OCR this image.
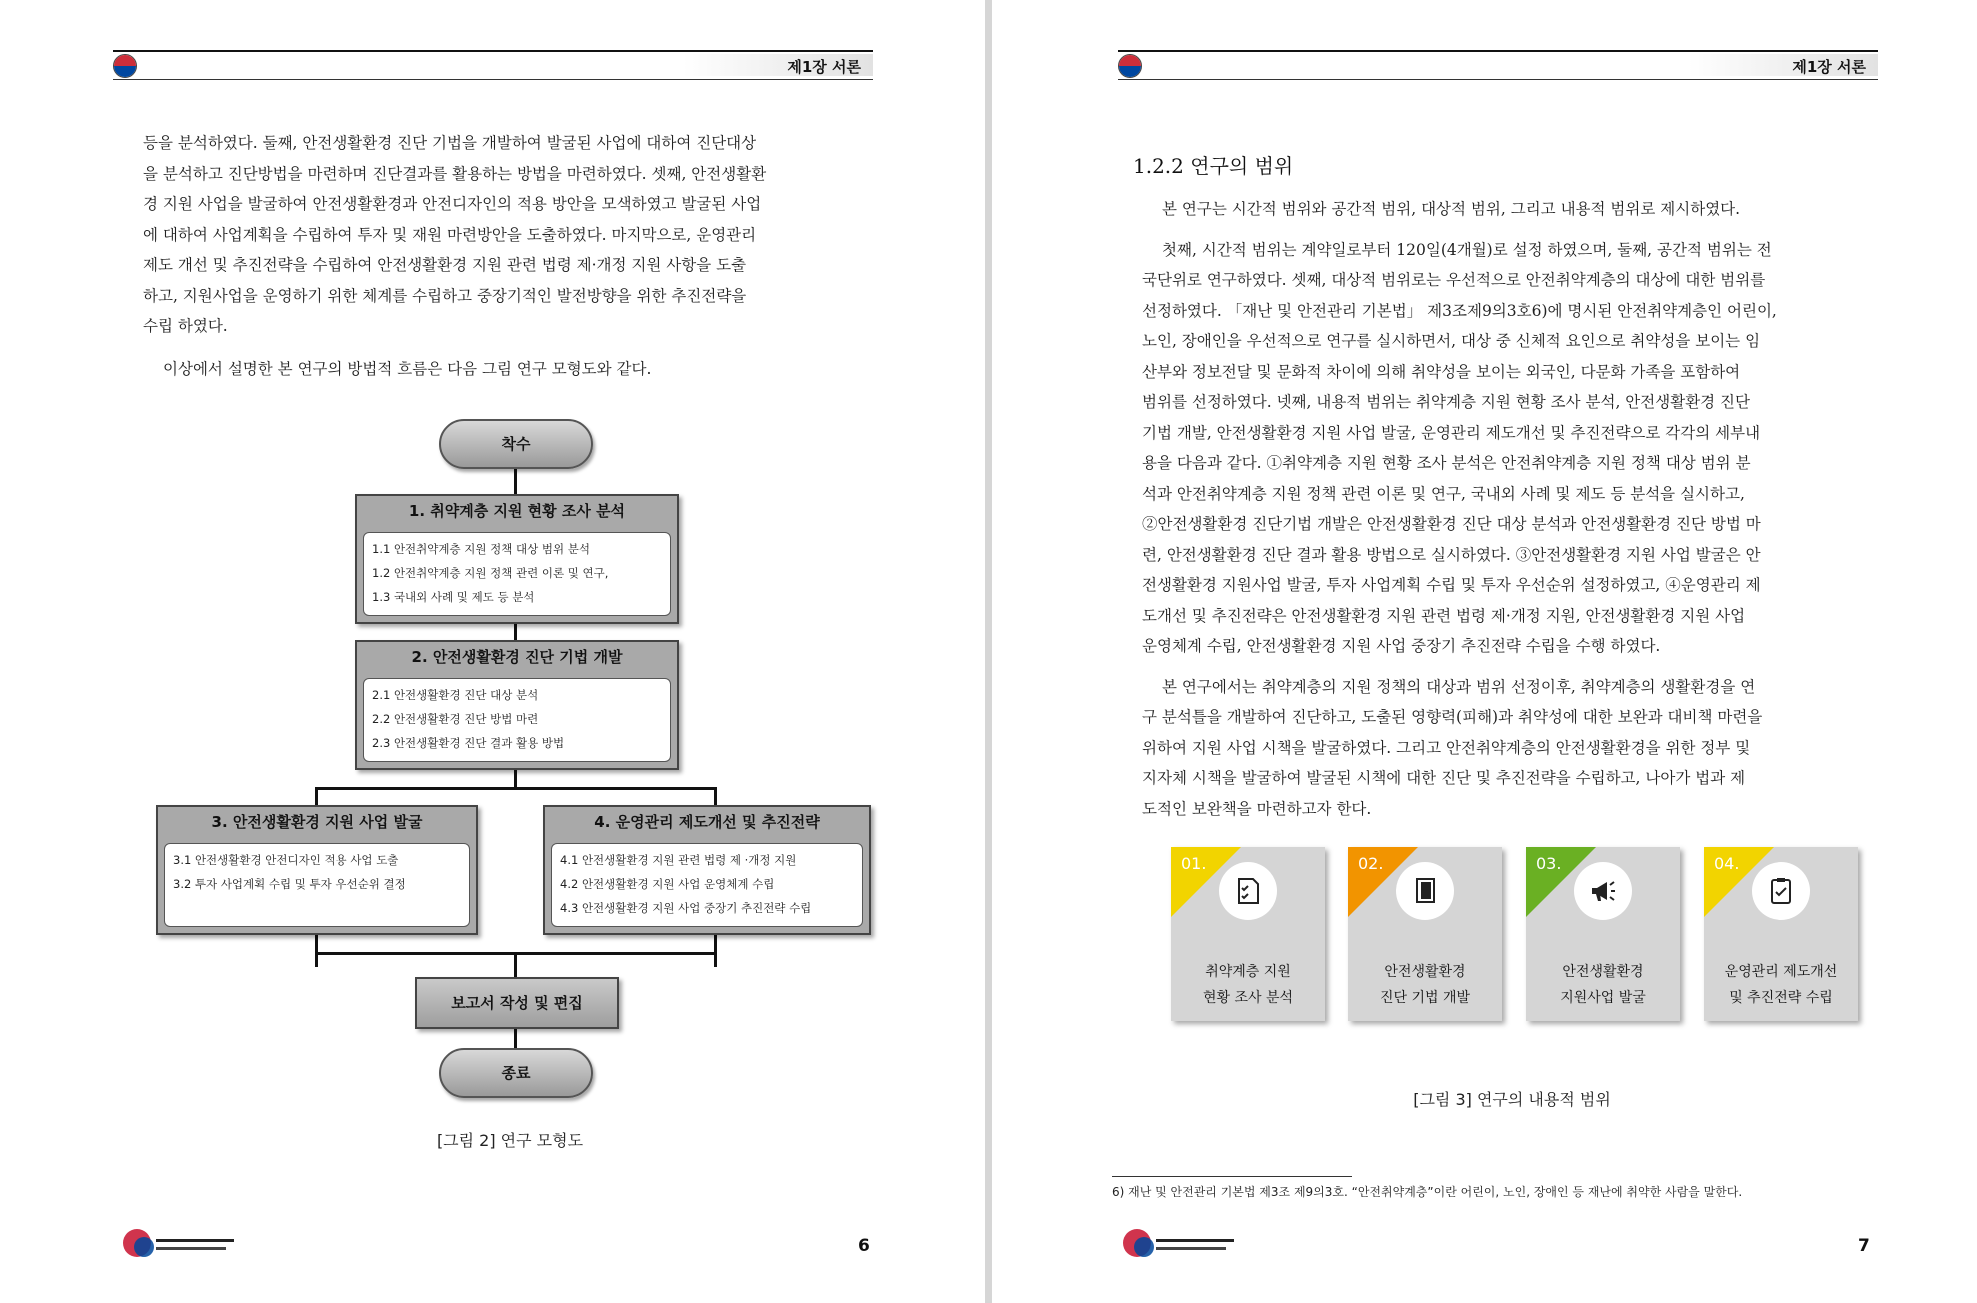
제1장 서론

등을 분석하였다. 둘째, 안전생활환경 진단 기법을 개발하여 발굴된 사업에 대하여 진단대상
을 분석하고 진단방법을 마련하며 진단결과를 활용하는 방법을 마련하였다. 셋째, 안전생활환
경 지원 사업을 발굴하여 안전생활환경과 안전디자인의 적용 방안을 모색하였고 발굴된 사업
에 대하여 사업계획을 수립하여 투자 및 재원 마련방안을 도출하였다. 마지막으로, 운영관리
제도 개선 및 추진전략을 수립하여 안전생활환경 지원 관련 법령 제·개정 지원 사항을 도출
하고, 지원사업을 운영하기 위한 체계를 수립하고 중장기적인 발전방향을 위한 추진전략을
수립 하였다.

이상에서 설명한 본 연구의 방법적 흐름은 다음 그림 연구 모형도와 같다.

착수
1. 취약계층 지원 현황 조사 분석
1.1 안전취약계층 지원 정책 대상 범위 분석
1.2 안전취약계층 지원 정책 관련 이론 및 연구,
1.3 국내외 사례 및 제도 등 분석
2. 안전생활환경 진단 기법 개발
2.1 안전생활환경 진단 대상 분석
2.2 안전생활환경 진단 방법 마련
2.3 안전생활환경 진단 결과 활용 방법
3. 안전생활환경 지원 사업 발굴
3.1 안전생활환경 안전디자인 적용 사업 도출
3.2 투자 사업계획 수립 및 투자 우선순위 결정
4. 운영관리 제도개선 및 추진전략
4.1 안전생활환경 지원 관련 법령 제 ·개정 지원
4.2 안전생활환경 지원 사업 운영체계 수립
4.3 안전생활환경 지원 사업 중장기 추진전략 수립
보고서 작성 및 편집
종료
[그림 2] 연구 모형도
6
제1장 서론
1.2.2 연구의 범위

본 연구는 시간적 범위와 공간적 범위, 대상적 범위, 그리고 내용적 범위로 제시하였다.

첫째, 시간적 범위는 계약일로부터 120일(4개월)로 설정 하였으며, 둘째, 공간적 범위는 전
국단위로 연구하였다. 셋째, 대상적 범위로는 우선적으로 안전취약계층의 대상에 대한 범위를
선정하였다. 「재난 및 안전관리 기본법」 제3조제9의3호6)에 명시된 안전취약계층인 어린이,
노인, 장애인을 우선적으로 연구를 실시하면서, 대상 중 신체적 요인으로 취약성을 보이는 임
산부와 정보전달 및 문화적 차이에 의해 취약성을 보이는 외국인, 다문화 가족을 포함하여
범위를 선정하였다. 넷째, 내용적 범위는 취약계층 지원 현황 조사 분석, 안전생활환경 진단
기법 개발, 안전생활환경 지원 사업 발굴, 운영관리 제도개선 및 추진전략으로 각각의 세부내
용을 다음과 같다. ①취약계층 지원 현황 조사 분석은 안전취약계층 지원 정책 대상 범위 분
석과 안전취약계층 지원 정책 관련 이론 및 연구, 국내외 사례 및 제도 등 분석을 실시하고,
②안전생활환경 진단기법 개발은 안전생활환경 진단 대상 분석과 안전생활환경 진단 방법 마
련, 안전생활환경 진단 결과 활용 방법으로 실시하였다. ③안전생활환경 지원 사업 발굴은 안
전생활환경 지원사업 발굴, 투자 사업계획 수립 및 투자 우선순위 설정하였고, ④운영관리 제
도개선 및 추진전략은 안전생활환경 지원 관련 법령 제·개정 지원, 안전생활환경 지원 사업
운영체계 수립, 안전생활환경 지원 사업 중장기 추진전략 수립을 수행 하였다.

본 연구에서는 취약계층의 지원 정책의 대상과 범위 선정이후, 취약계층의 생활환경을 연
구 분석틀을 개발하여 진단하고, 도출된 영향력(피해)과 취약성에 대한 보완과 대비책 마련을
위하여 지원 사업 시책을 발굴하였다. 그리고 안전취약계층의 안전생활환경을 위한 정부 및
지자체 시책을 발굴하여 발굴된 시책에 대한 진단 및 추진전략을 수립하고, 나아가 법과 제
도적인 보완책을 마련하고자 한다.

01.
취약계층 지원
현황 조사 분석
02.
안전생활환경
진단 기법 개발
03.
안전생활환경
지원사업 발굴
04.
운영관리 제도개선
및 추진전략 수립
[그림 3] 연구의 내용적 범위
6) 재난 및 안전관리 기본법 제3조 제9의3호. “안전취약계층”이란 어린이, 노인, 장애인 등 재난에 취약한 사람을 말한다.
7
